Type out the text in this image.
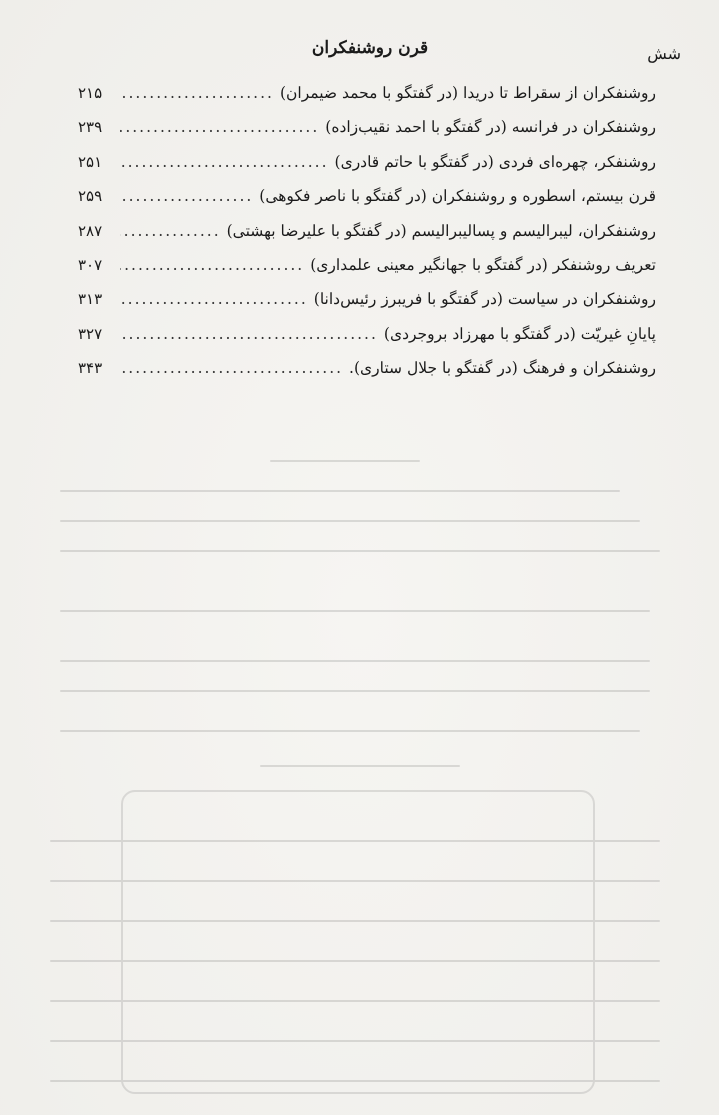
قرن روشنفکران	شش
روشنفکران از سقراط تا دریدا (در گفتگو با محمد ضیمران)
.....
۲۱۵
روشنفکران در فرانسه (در گفتگو با احمد نقیب‌زاده)
.....
۲۳۹
روشنفکر، چهره‌ای فردی (در گفتگو با حاتم قادری)
.....
۲۵۱
قرن بیستم، اسطوره و روشنفکران (در گفتگو با ناصر فکوهی)
.....
۲۵۹
روشنفکران، لیبرالیسم و پسالیبرالیسم (در گفتگو با علیرضا بهشتی)
.....
۲۸۷
تعریف روشنفکر (در گفتگو با جهانگیر معینی علمداری)
.....
۳۰۷
روشنفکران در سیاست (در گفتگو با فریبرز رئیس‌دانا)
.....
۳۱۳
پایانِ غیریّت (در گفتگو با مهرزاد بروجردی)
.....
۳۲۷
روشنفکران و فرهنگ (در گفتگو با جلال ستاری).
.....
۳۴۳
